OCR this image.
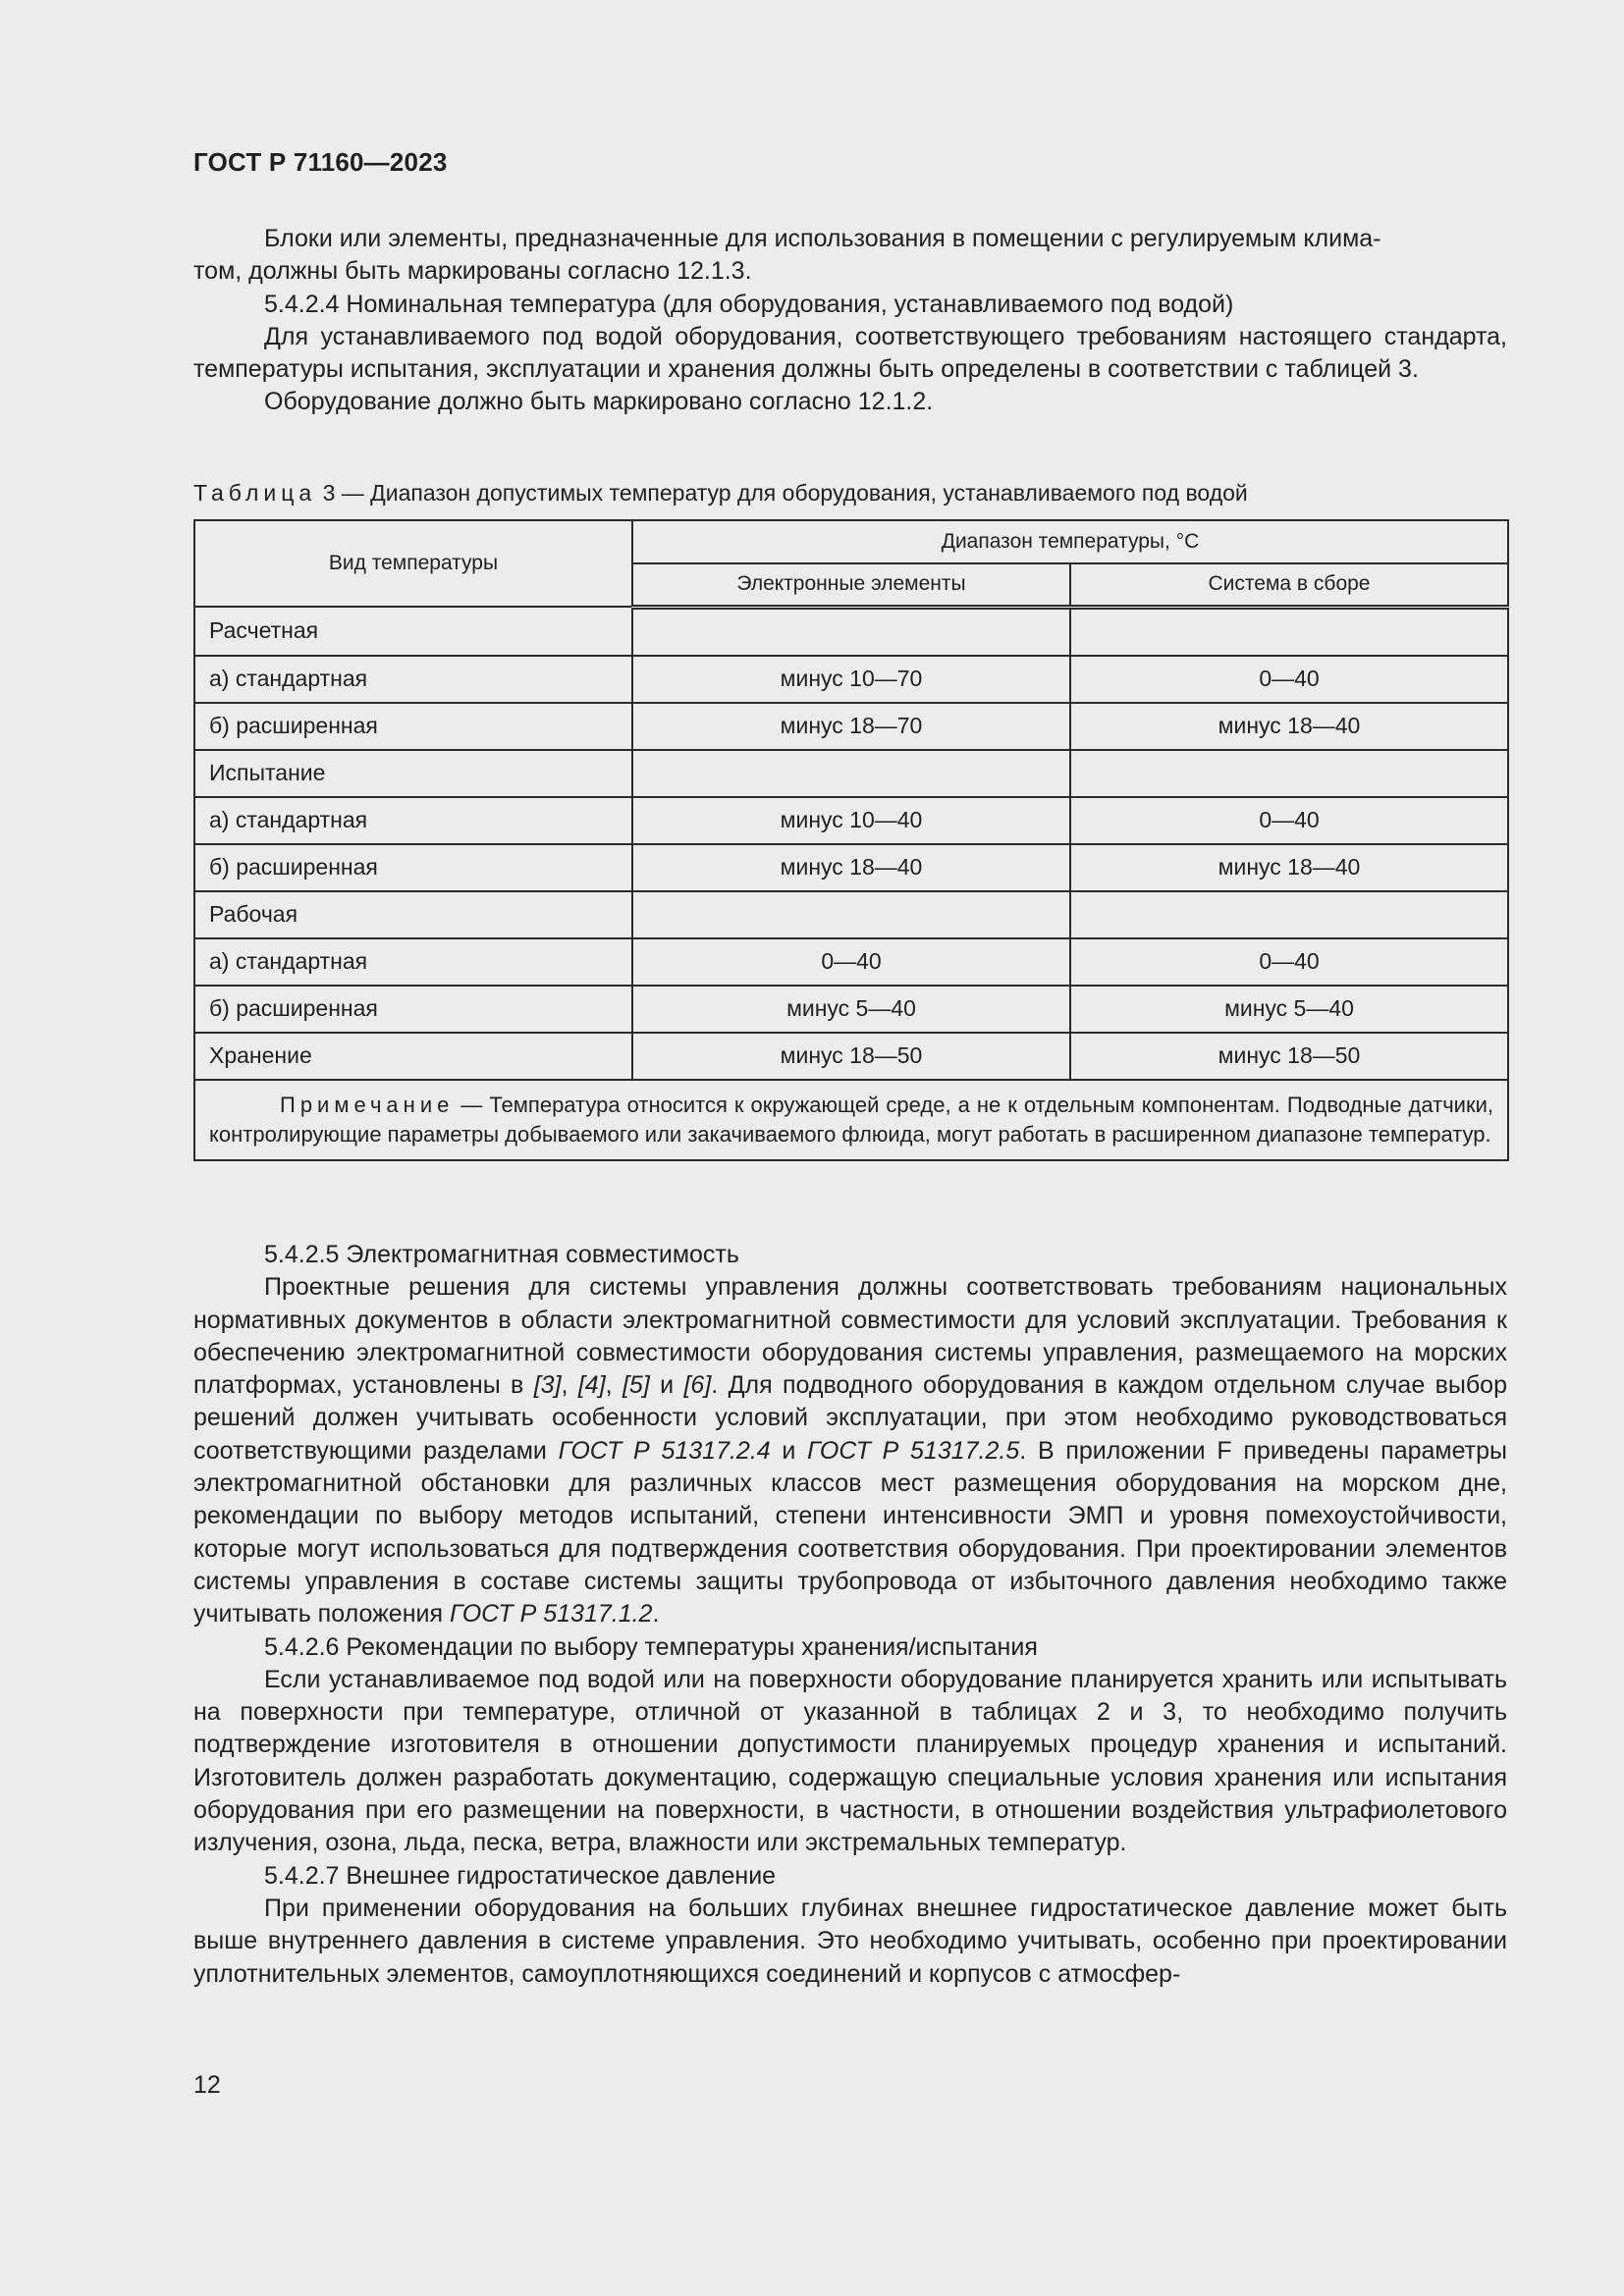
ГОСТ Р 71160—2023

Блоки или элементы, предназначенные для использования в помещении с регулируемым клима-

том, должны быть маркированы согласно 12.1.3.

5.4.2.4 Номинальная температура (для оборудования, устанавливаемого под водой)

Для устанавливаемого под водой оборудования, соответствующего требованиям настоящего стандарта, температуры испытания, эксплуатации и хранения должны быть определены в соответствии с таблицей 3.

Оборудование должно быть маркировано согласно 12.1.2.

Таблица 3 — Диапазон допустимых температур для оборудования, устанавливаемого под водой
Вид температуры	Диапазон температуры, °С	
	Электронные элементы	Система в сборе
Расчетная		
а) стандартная	минус 10—70	0—40
б) расширенная	минус 18—70	минус 18—40
Испытание		
а) стандартная	минус 10—40	0—40
б) расширенная	минус 18—40	минус 18—40
Рабочая		
а) стандартная	0—40	0—40
б) расширенная	минус 5—40	минус 5—40
Хранение	минус 18—50	минус 18—50
Примечание — Температура относится к окружающей среде, а не к отдельным компонентам. Подводные датчики, контролирующие параметры добываемого или закачиваемого флюида, могут работать в расширенном диапазоне температур.		

5.4.2.5 Электромагнитная совместимость

Проектные решения для системы управления должны соответствовать требованиям национальных нормативных документов в области электромагнитной совместимости для условий эксплуатации. Требования к обеспечению электромагнитной совместимости оборудования системы управления, размещаемого на морских платформах, установлены в [3], [4], [5] и [6]. Для подводного оборудования в каждом отдельном случае выбор решений должен учитывать особенности условий эксплуатации, при этом необходимо руководствоваться соответствующими разделами ГОСТ Р 51317.2.4 и ГОСТ Р 51317.2.5. В приложении F приведены параметры электромагнитной обстановки для различных классов мест размещения оборудования на морском дне, рекомендации по выбору методов испытаний, степени интенсивности ЭМП и уровня помехоустойчивости, которые могут использоваться для подтверждения соответствия оборудования. При проектировании элементов системы управления в составе системы защиты трубопровода от избыточного давления необходимо также учитывать положения ГОСТ Р 51317.1.2.

5.4.2.6 Рекомендации по выбору температуры хранения/испытания

Если устанавливаемое под водой или на поверхности оборудование планируется хранить или испытывать на поверхности при температуре, отличной от указанной в таблицах 2 и 3, то необходимо получить подтверждение изготовителя в отношении допустимости планируемых процедур хранения и испытаний. Изготовитель должен разработать документацию, содержащую специальные условия хранения или испытания оборудования при его размещении на поверхности, в частности, в отношении воздействия ультрафиолетового излучения, озона, льда, песка, ветра, влажности или экстремальных температур.

5.4.2.7 Внешнее гидростатическое давление

При применении оборудования на больших глубинах внешнее гидростатическое давление может быть выше внутреннего давления в системе управления. Это необходимо учитывать, особенно при проектировании уплотнительных элементов, самоуплотняющихся соединений и корпусов с атмосфер-

12
